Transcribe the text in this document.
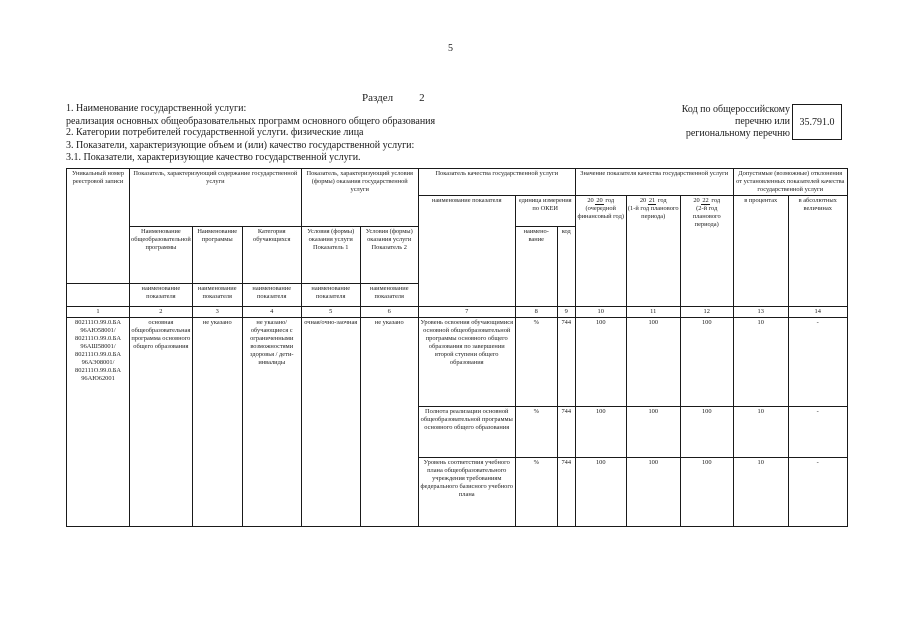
5
Раздел 2
1. Наименование государственной услуги:
реализация основных общеобразовательных программ основного общего образования
2. Категории потребителей государственной услуги. физические лица
3. Показатели, характеризующие объем и (или) качество государственной услуги:
3.1. Показатели, характеризующие качество государственной услуги.
Код по общероссийскому
перечню или
региональному перечню
35.791.0
Уникальный номер реестровой записи	Показатель, характеризующий содержание государственной услуги			Показатель, характеризующий условия (формы) оказания государственной услуги		Показатель качества государственной услуги			Значение показателя качества государственной услуги			Допустимые (возможные) отклонения от установленных показателей качества государственной услуги	
						наименование показателя	единица измерения по ОКЕИ		20 20 год
(очередной финансовый год)	20 21 год
(1-й год планового периода)	20 22 год
(2-й год планового периода)	в процентах	в абсолютных величинах
	Наименование общеобразовательной программы	Наименование программы	Категория обучающихся	Условия (формы) оказания услуги Показатель 1	Условия (формы) оказания услуги Показатель 2		наимено-вание	код					
	наименование показателя	наименование показателя	наименование показателя	наименование показателя	наименование показателя								
1	2	3	4	5	6	7	8	9	10	11	12	13	14
802111О.99.0.БА 96АЮ58001/ 802111О.99.0.БА 96АШ58001/ 802111О.99.0.БА 96АЭ08001/ 802111О.99.0.БА 96АЮ62001	основная общеобразовательная программа основного общего образования	не указано	не указано/ обучающиеся с ограниченными возможностями здоровья / дети-инвалиды	очная/очно-заочная	не указано	Уровень освоения обучающимися основной общеобразовательной программы основного общего образования по завершении второй ступени общего образования	%	744	100	100	100	10	-
						Полнота реализации основной общеобразовательной программы основного общего образования	%	744	100	100	100	10	-
						Уровень соответствия учебного плана общеобразовательного учреждения требованиям федерального базисного учебного плана	%	744	100	100	100	10	-
